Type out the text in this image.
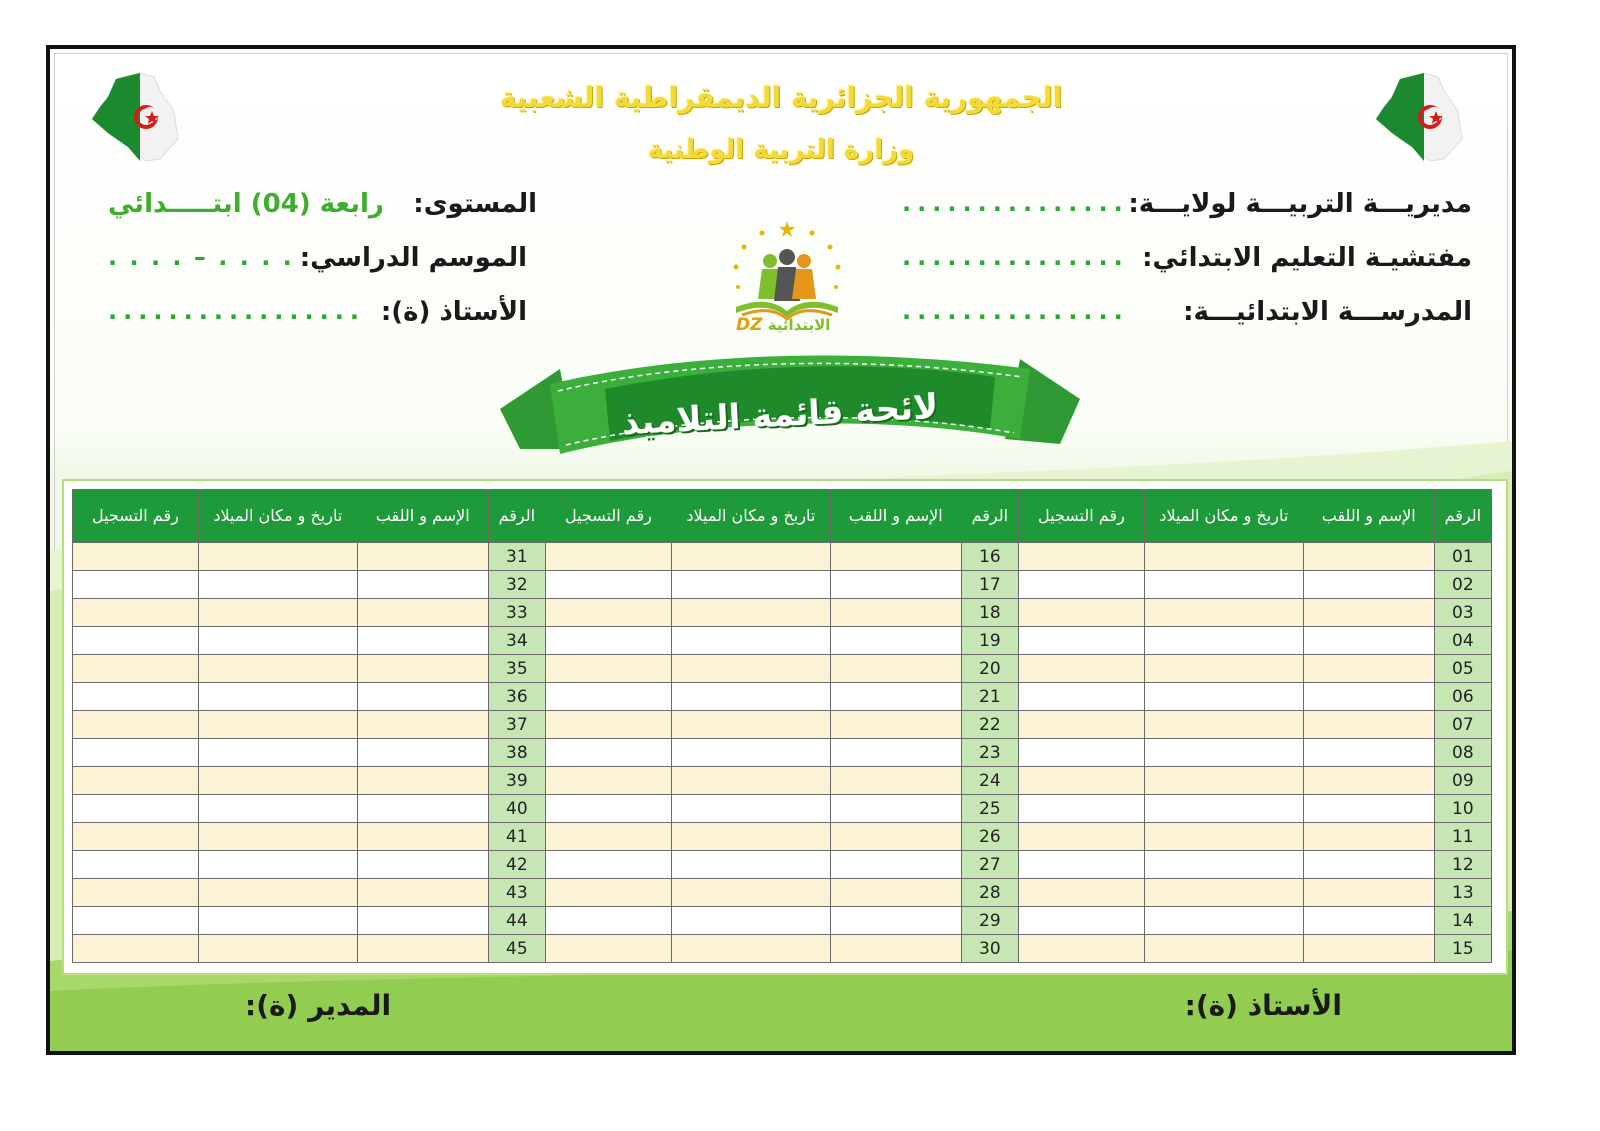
الجمهورية الجزائرية الديمقراطية الشعبية
وزارة التربية الوطنية
مديريـــة التربيـــة لولايـــة:
...............
مفتشيـة التعليم الابتدائي:
...............
المدرســـة الابتدائيـــة:
...............
المستوى:
رابعة (04) ابتـــــدائي
الموسم الدراسي:
. . . . – . . . .
الأستاذ (ة):
.................	DZ الابتدائية
لائحة قائمة التلاميذ
الرقم	الإسم و اللقب	تاريخ و مكان الميلاد	رقم التسجيل	الرقم	الإسم و اللقب	تاريخ و مكان الميلاد	رقم التسجيل	الرقم	الإسم و اللقب	تاريخ و مكان الميلاد	رقم التسجيل
01				16				31			
02				17				32			
03				18				33			
04				19				34			
05				20				35			
06				21				36			
07				22				37			
08				23				38			
09				24				39			
10				25				40			
11				26				41			
12				27				42			
13				28				43			
14				29				44			
15				30				45			
الأستاذ (ة):
المدير (ة):
